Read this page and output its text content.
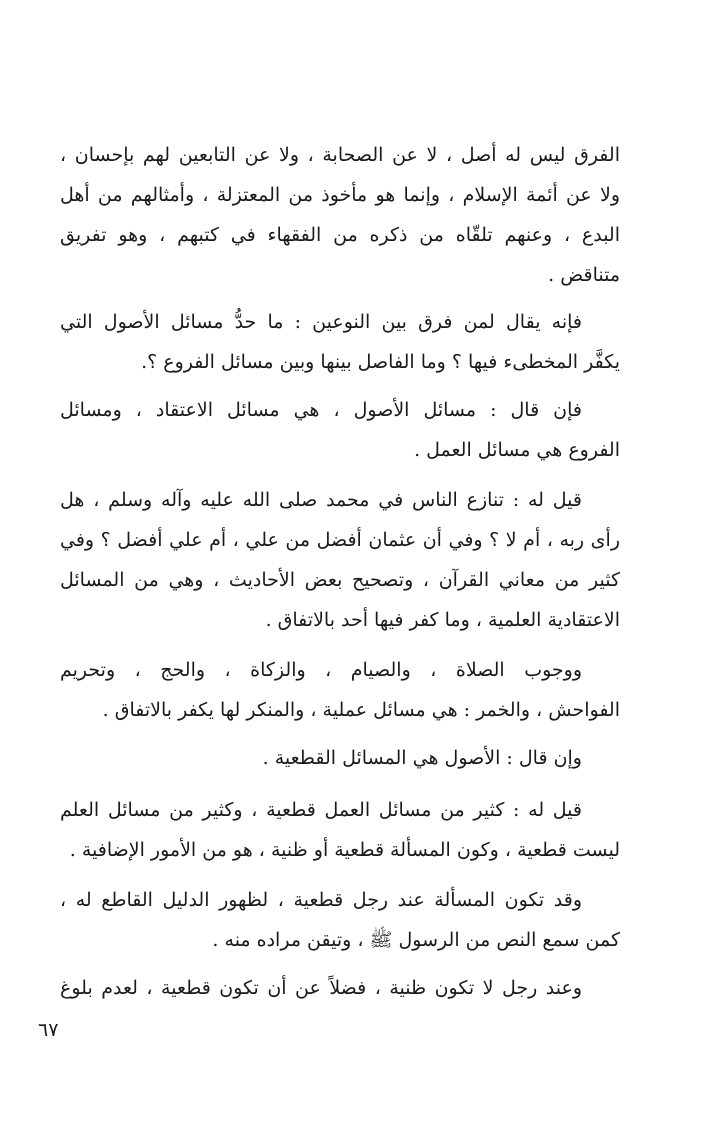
الفرق ليس له أصل ، لا عن الصحابة ، ولا عن التابعين لهم بإحسان ،
ولا عن أئمة الإسلام ، وإنما هو مأخوذ من المعتزلة ، وأمثالهم من أهل
البدع ، وعنهم تلقّاه من ذكره من الفقهاء في كتبهم ، وهو تفريق
متناقض .
فإنه يقال لمن فرق بين النوعين : ما حدُّ مسائل الأصول التي
يكفَّر المخطىء فيها ؟ وما الفاصل بينها وبين مسائل الفروع ؟.
فإن قال : مسائل الأصول ، هي مسائل الاعتقاد ، ومسائل
الفروع هي مسائل العمل .
قيل له : تنازع الناس في محمد صلى الله عليه وآله وسلم ، هل
رأى ربه ، أم لا ؟ وفي أن عثمان أفضل من علي ، أم علي أفضل ؟ وفي
كثير من معاني القرآن ، وتصحيح بعض الأحاديث ، وهي من المسائل
الاعتقادية العلمية ، وما كفر فيها أحد بالاتفاق .
ووجوب الصلاة ، والصيام ، والزكاة ، والحج ، وتحريم
الفواحش ، والخمر : هي مسائل عملية ، والمنكر لها يكفر بالاتفاق .
وإن قال : الأصول هي المسائل القطعية .
قيل له : كثير من مسائل العمل قطعية ، وكثير من مسائل العلم
ليست قطعية ، وكون المسألة قطعية أو ظنية ، هو من الأمور الإضافية .
وقد تكون المسألة عند رجل قطعية ، لظهور الدليل القاطع له ،
كمن سمع النص من الرسول ﷺ ، وتيقن مراده منه .
وعند رجل لا تكون ظنية ، فضلاً عن أن تكون قطعية ، لعدم بلوغ
٦٧
